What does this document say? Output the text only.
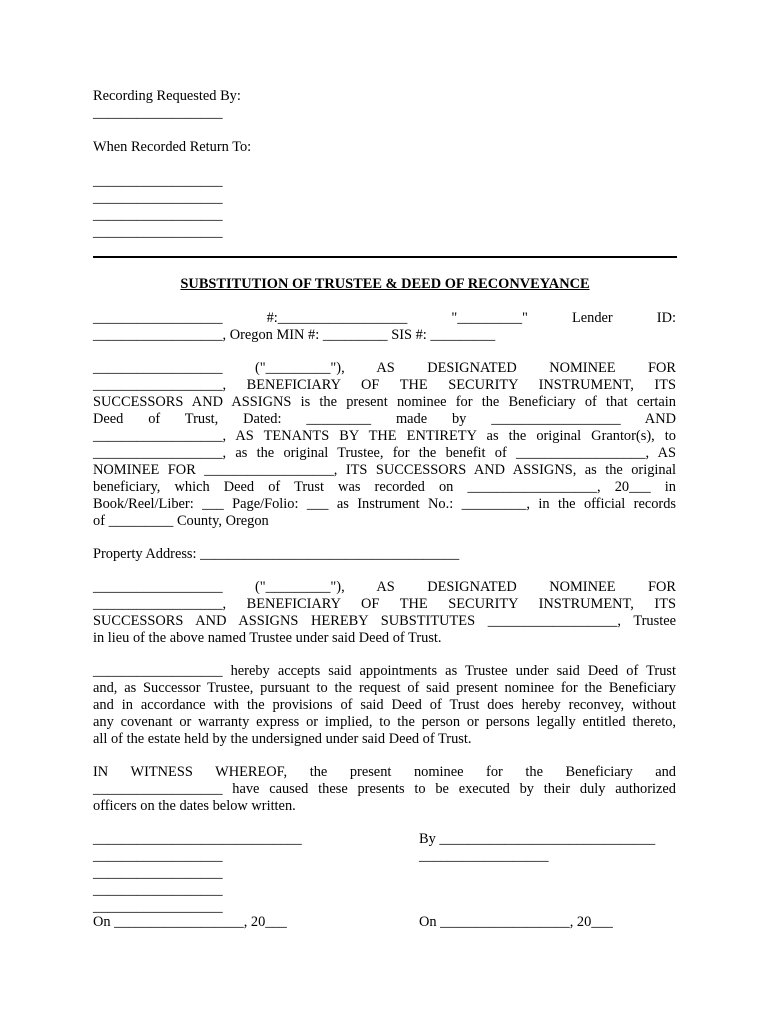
Recording Requested By:
__________________
When Recorded Return To:
__________________
__________________
__________________
__________________
SUBSTITUTION OF TRUSTEE & DEED OF RECONVEYANCE
__________________ #:__________________ "_________" Lender ID:
__________________, Oregon MIN #: _________ SIS #: _________
__________________ ("_________"), AS DESIGNATED NOMINEE FOR
__________________, BENEFICIARY OF THE SECURITY INSTRUMENT, ITS
SUCCESSORS AND ASSIGNS is the present nominee for the Beneficiary of that certain
Deed of Trust, Dated: _________ made by __________________ AND
__________________, AS TENANTS BY THE ENTIRETY as the original Grantor(s), to
__________________, as the original Trustee, for the benefit of __________________, AS
NOMINEE FOR __________________, ITS SUCCESSORS AND ASSIGNS, as the original
beneficiary, which Deed of Trust was recorded on __________________, 20___ in
Book/Reel/Liber: ___ Page/Folio: ___ as Instrument No.: _________, in the official records
of _________ County, Oregon
Property Address: ____________________________________
__________________ ("_________"), AS DESIGNATED NOMINEE FOR
__________________, BENEFICIARY OF THE SECURITY INSTRUMENT, ITS
SUCCESSORS AND ASSIGNS HEREBY SUBSTITUTES __________________, Trustee
in lieu of the above named Trustee under said Deed of Trust.
__________________ hereby accepts said appointments as Trustee under said Deed of Trust
and, as Successor Trustee, pursuant to the request of said present nominee for the Beneficiary
and in accordance with the provisions of said Deed of Trust does hereby reconvey, without
any covenant or warranty express or implied, to the person or persons legally entitled thereto,
all of the estate held by the undersigned under said Deed of Trust.
IN WITNESS WHEREOF, the present nominee for the Beneficiary and
__________________ have caused these presents to be executed by their duly authorized
officers on the dates below written.
_____________________________	By ______________________________
__________________	__________________
__________________
__________________
__________________
On __________________, 20___	On __________________, 20___
